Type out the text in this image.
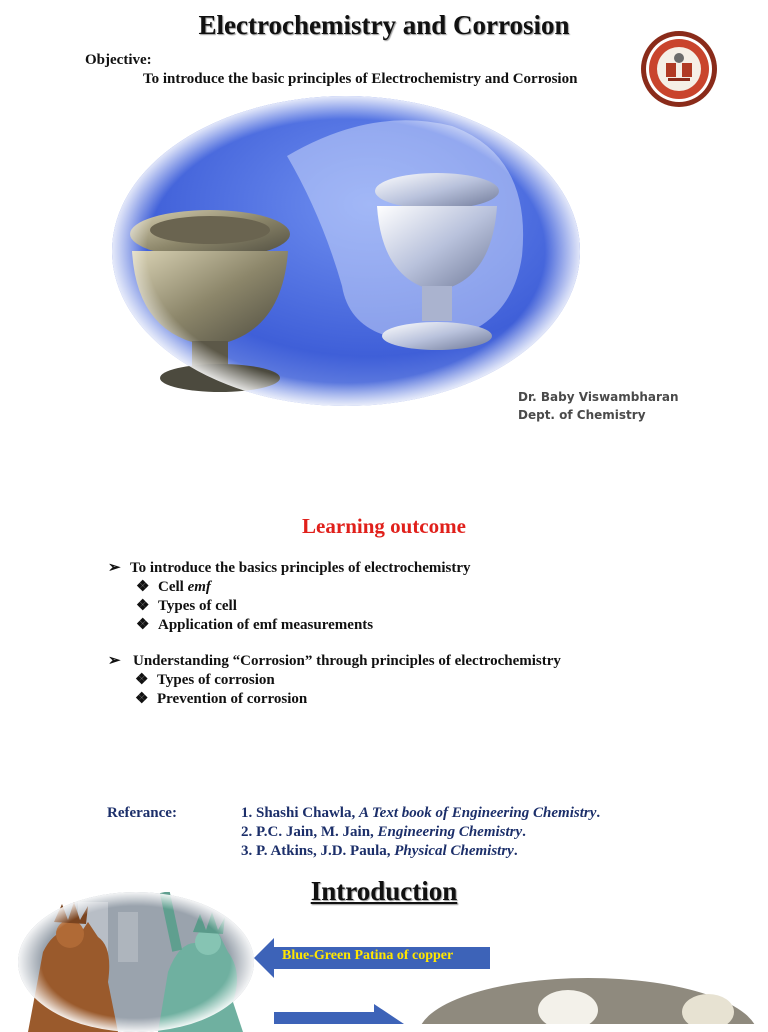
Electrochemistry and Corrosion
Objective:
To introduce the basic principles of Electrochemistry and Corrosion
Dr. Baby Viswambharan
Dept. of Chemistry
Learning outcome
➢ To introduce the basics principles of electrochemistry
❖ Cell emf
❖ Types of cell
❖ Application of emf measurements
➢ Understanding “Corrosion” through principles of electrochemistry
❖ Types of corrosion
❖ Prevention of corrosion
Referance:	1. Shashi Chawla, A Text book of Engineering Chemistry.
2. P.C. Jain, M. Jain, Engineering Chemistry.
3. P. Atkins, J.D. Paula, Physical Chemistry.
Introduction
Blue-Green Patina of copper
